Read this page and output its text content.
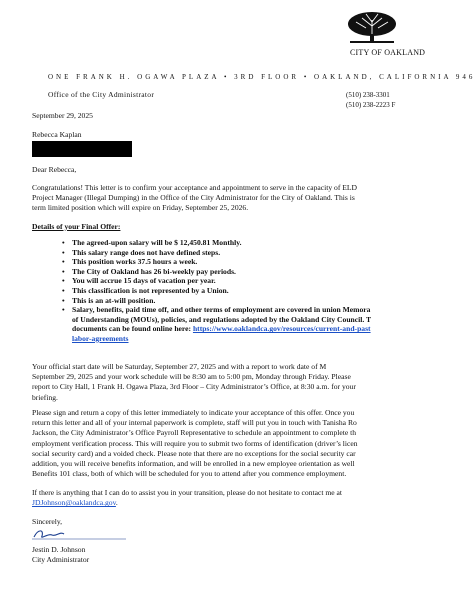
CITY OF OAKLAND
ONE FRANK H. OGAWA PLAZA • 3RD FLOOR • OAKLAND, CALIFORNIA 946
Office of the City Administrator	(510) 238-3301
(510) 238-2223 F
September 29, 2025
Rebecca Kaplan
Dear Rebecca,
Congratulations! This letter is to confirm your acceptance and appointment to serve in the capacity of ELD
Project Manager (Illegal Dumping) in the Office of the City Administrator for the City of Oakland. This is
term limited position which will expire on Friday, September 25, 2026.
Details of your Final Offer:
• The agreed-upon salary will be $ 12,450.81 Monthly.
• This salary range does not have defined steps.
• This position works 37.5 hours a week.
• The City of Oakland has 26 bi-weekly pay periods.
• You will accrue 15 days of vacation per year.
• This classification is not represented by a Union.
• This is an at-will position.
• Salary, benefits, paid time off, and other terms of employment are covered in union Memora
of Understanding (MOUs), policies, and regulations adopted by the Oakland City Council. T
documents can be found online here: https://www.oaklandca.gov/resources/current-and-past
labor-agreements
Your official start date will be Saturday, September 27, 2025 and with a report to work date of M
September 29, 2025 and your work schedule will be 8:30 am to 5:00 pm, Monday through Friday. Please
report to City Hall, 1 Frank H. Ogawa Plaza, 3rd Floor – City Administrator’s Office, at 8:30 a.m. for your
briefing.
Please sign and return a copy of this letter immediately to indicate your acceptance of this offer. Once you
return this letter and all of your internal paperwork is complete, staff will put you in touch with Tanisha Ro
Jackson, the City Administrator’s Office Payroll Representative to schedule an appointment to complete th
employment verification process. This will require you to submit two forms of identification (driver’s licen
social security card) and a voided check. Please note that there are no exceptions for the social security car
addition, you will receive benefits information, and will be enrolled in a new employee orientation as well
Benefits 101 class, both of which will be scheduled for you to attend after you commence employment.
If there is anything that I can do to assist you in your transition, please do not hesitate to contact me at
JDJohnson@oaklandca.gov.
Sincerely,
Jestin D. Johnson
City Administrator
